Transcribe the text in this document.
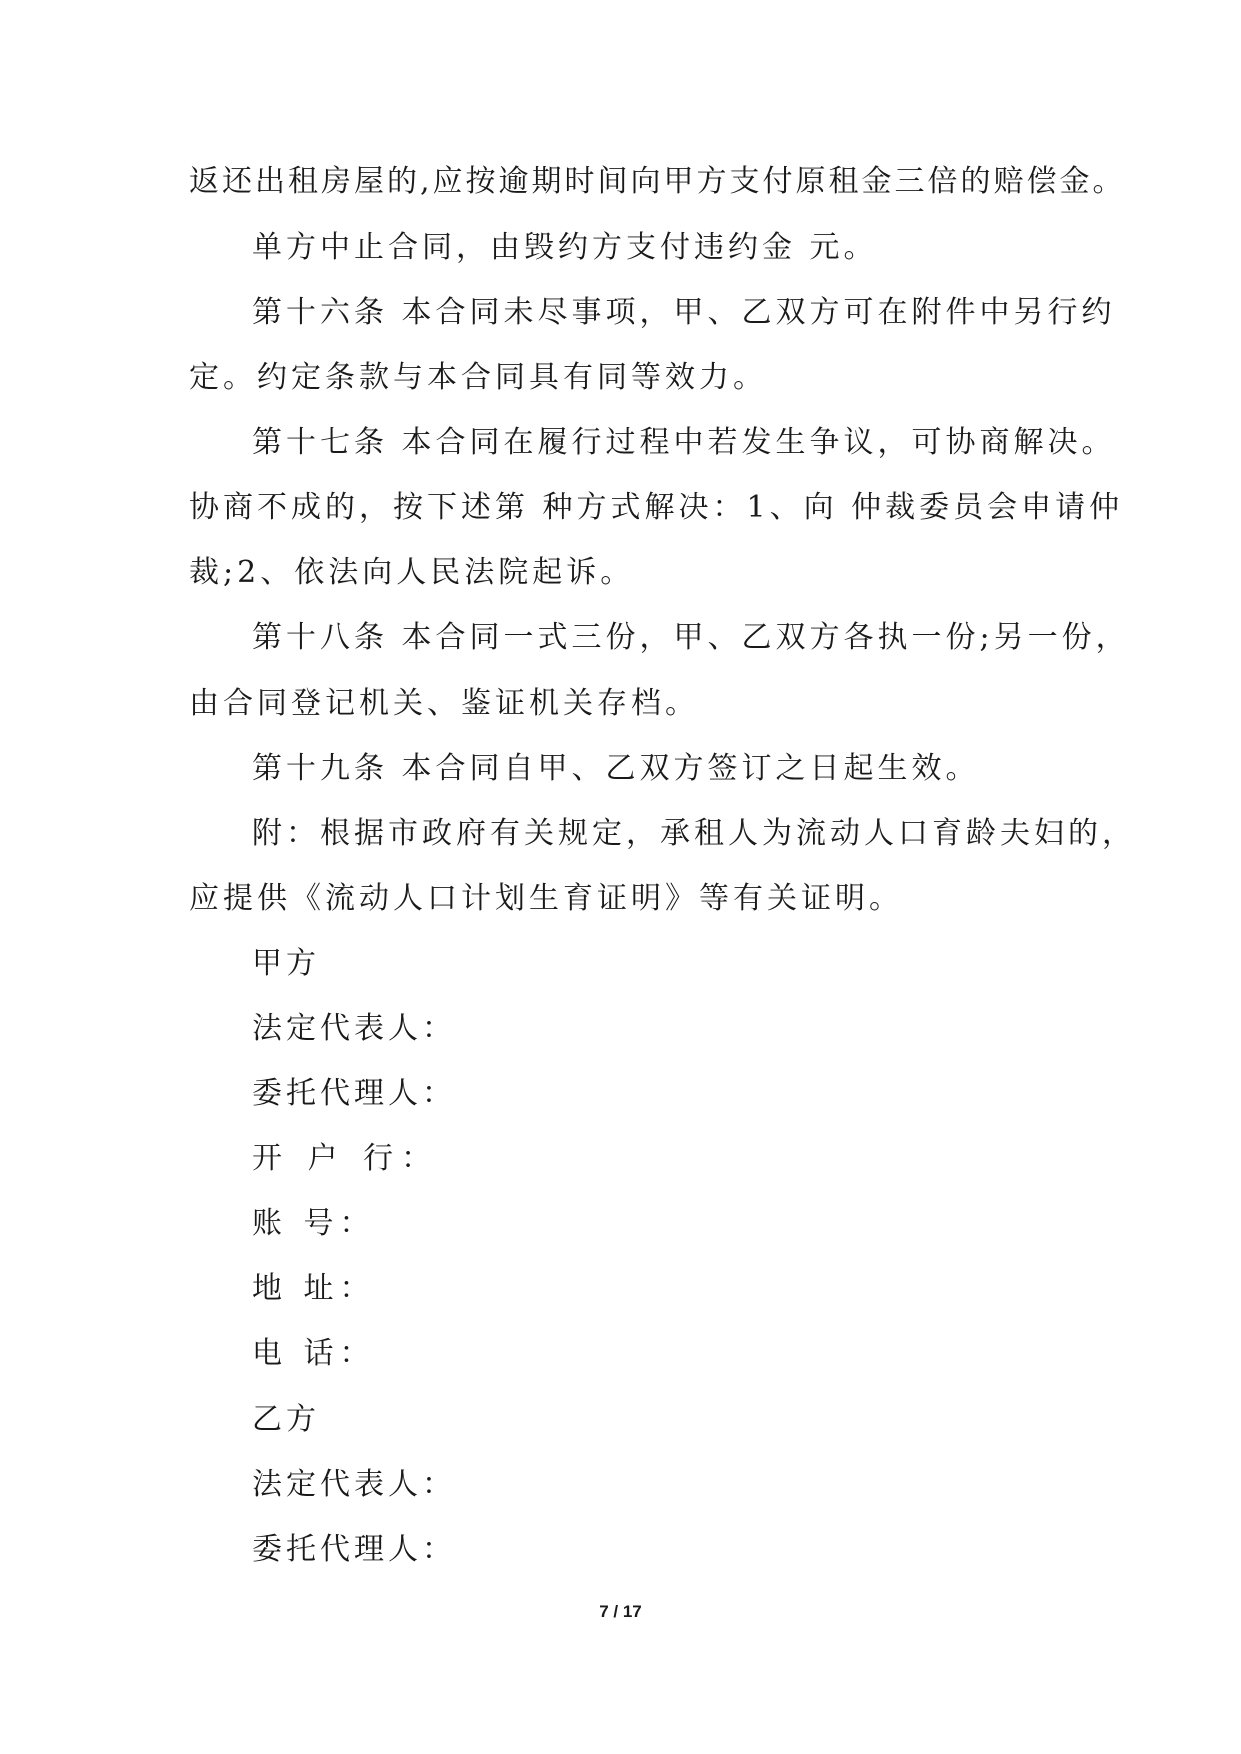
返还出租房屋的,应按逾期时间向甲方支付原租金三倍的赔偿金。
单方中止合同，由毁约方支付违约金 元。
第十六条 本合同未尽事项，甲、乙双方可在附件中另行约
定。约定条款与本合同具有同等效力。
第十七条 本合同在履行过程中若发生争议，可协商解决。
协商不成的，按下述第 种方式解决：1、向 仲裁委员会申请仲
裁;2、依法向人民法院起诉。
第十八条 本合同一式三份，甲、乙双方各执一份;另一份，
由合同登记机关、鉴证机关存档。
第十九条 本合同自甲、乙双方签订之日起生效。
附：根据市政府有关规定，承租人为流动人口育龄夫妇的，
应提供《流动人口计划生育证明》等有关证明。
甲方
法定代表人：
委托代理人：
开 户 行：
账 号：
地 址：
电 话：
乙方
法定代表人：
委托代理人：
7 / 17
